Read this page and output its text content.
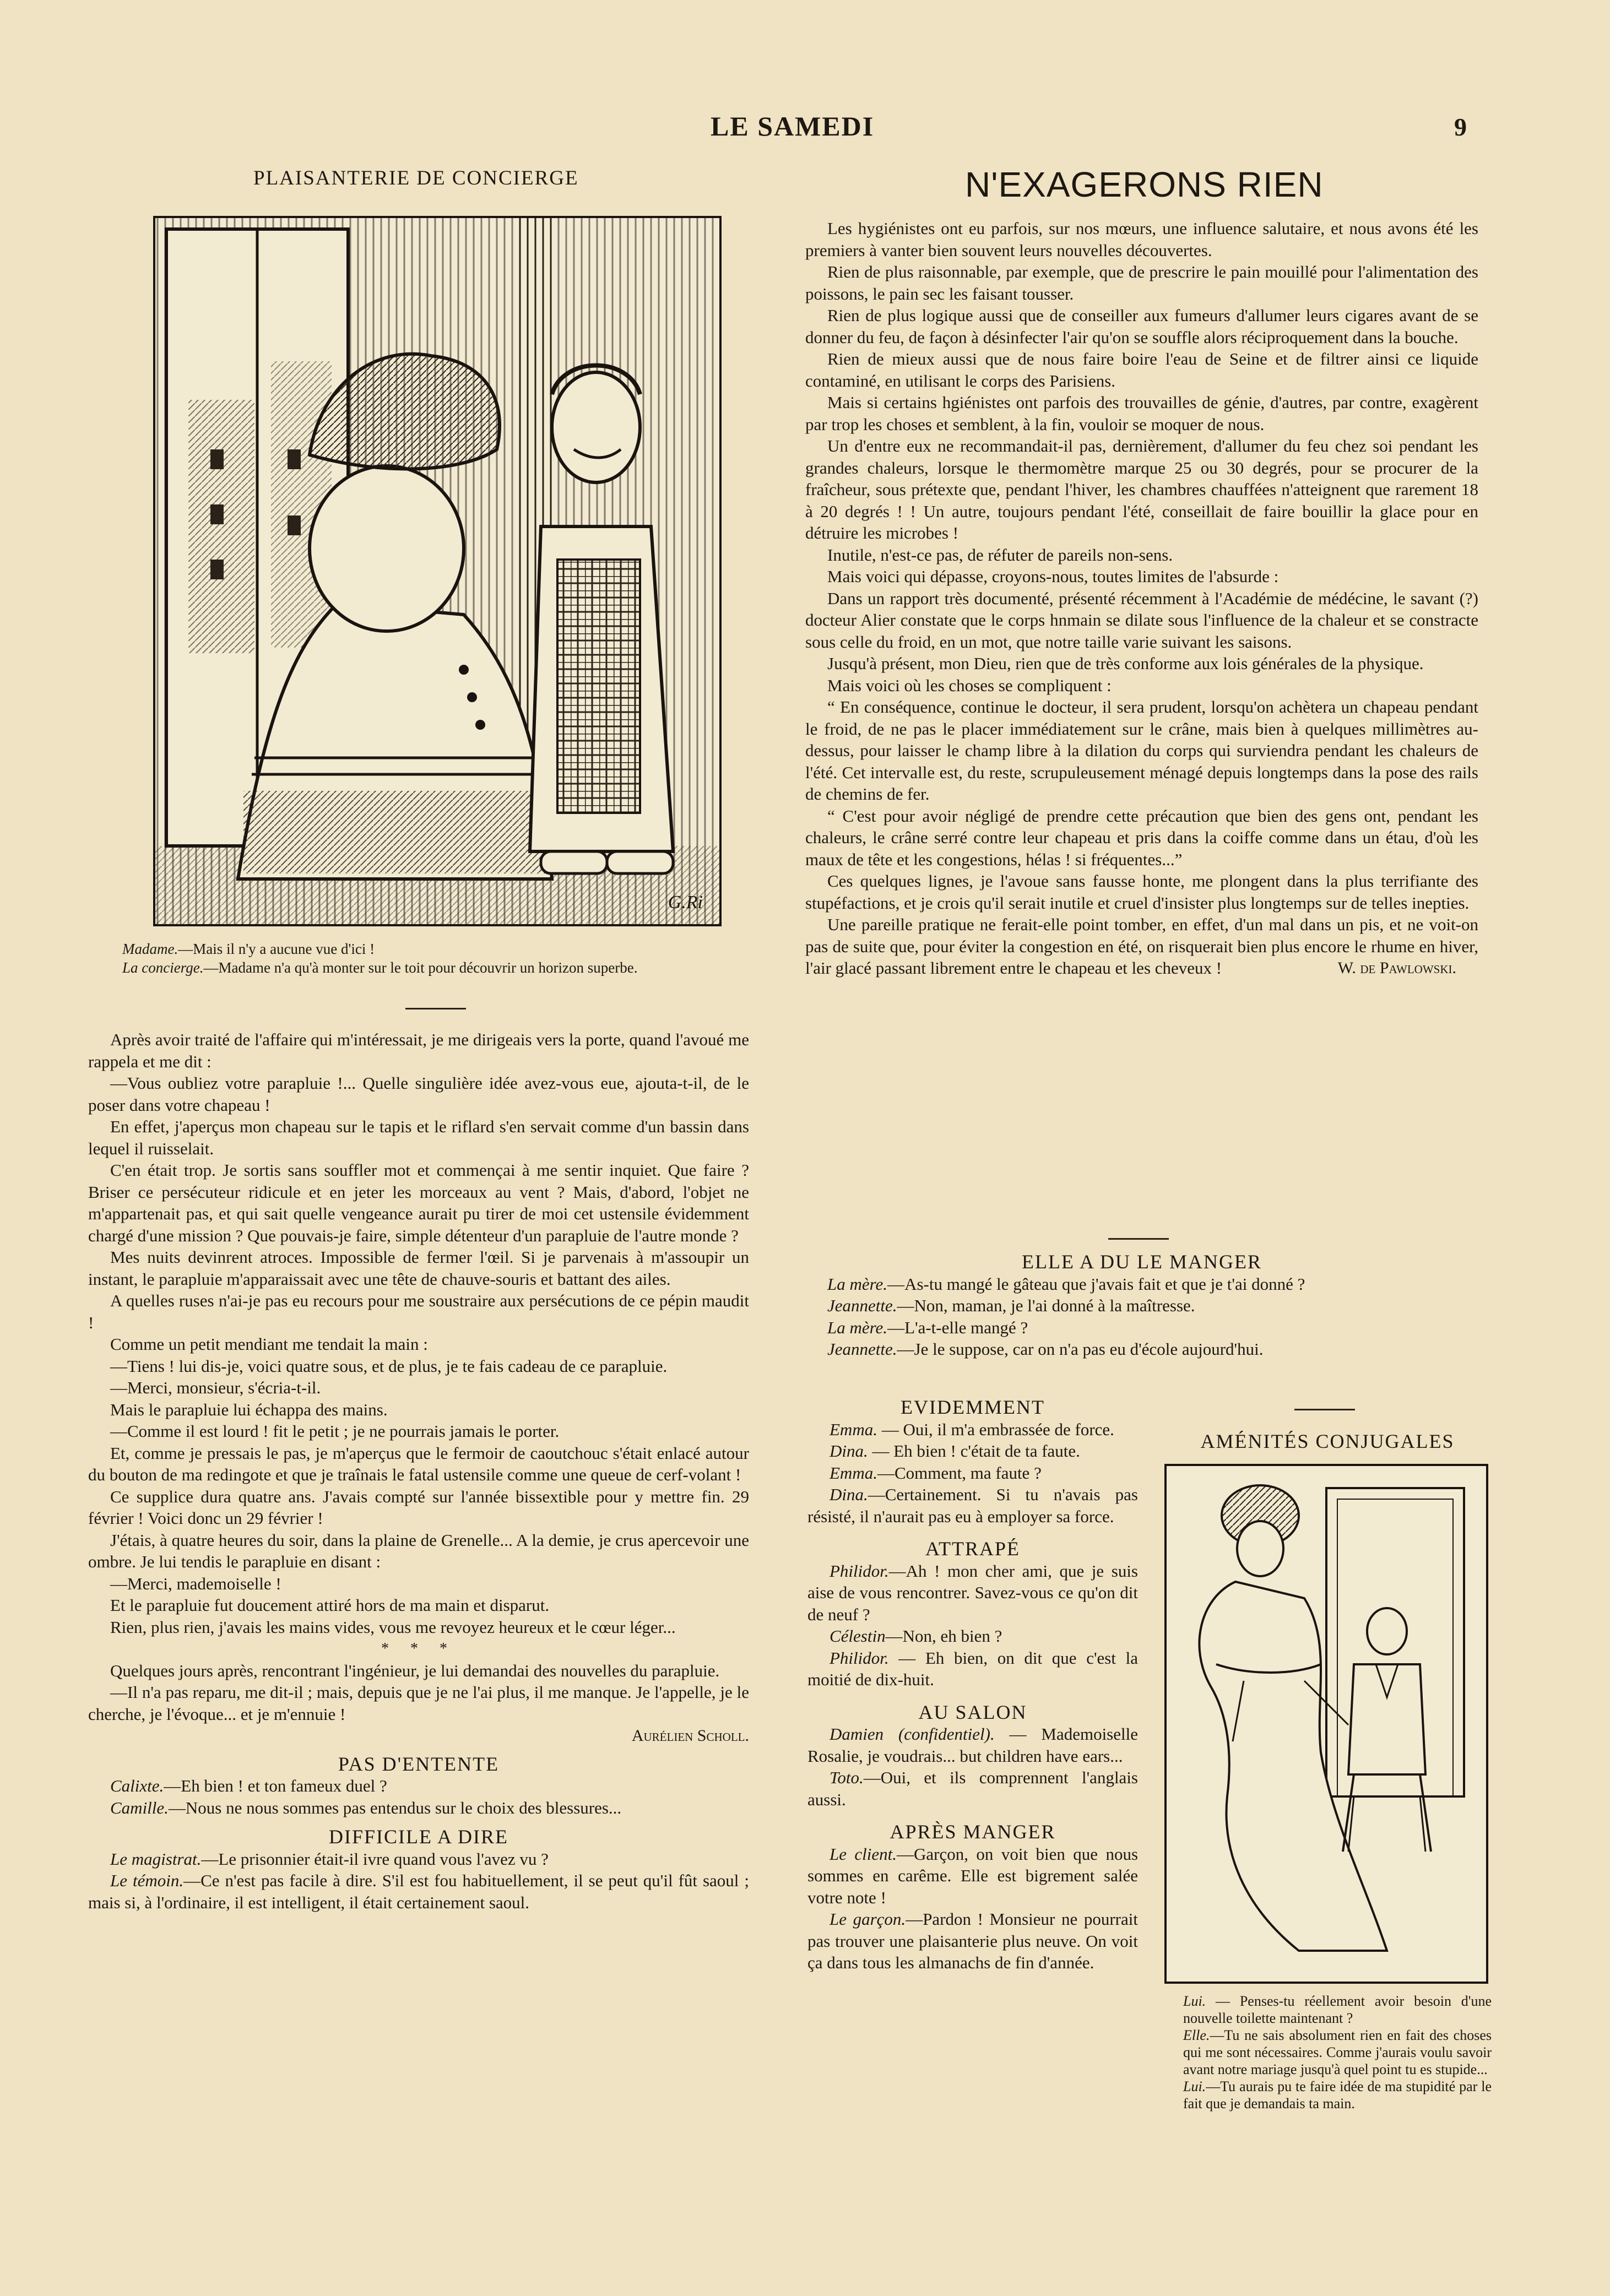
LE SAMEDI	9
PLAISANTERIE DE CONCIERGE
G.Ri

Madame.—Mais il n'y a aucune vue d'ici !

La concierge.—Madame n'a qu'à monter sur le toit pour découvrir un horizon superbe.

Après avoir traité de l'affaire qui m'intéressait, je me dirigeais vers la porte, quand l'avoué me rappela et me dit :

—Vous oubliez votre parapluie !... Quelle singulière idée avez-vous eue, ajouta-t-il, de le poser dans votre chapeau !

En effet, j'aperçus mon chapeau sur le tapis et le riflard s'en servait comme d'un bassin dans lequel il ruisselait.

C'en était trop. Je sortis sans souffler mot et commençai à me sentir inquiet. Que faire ? Briser ce persécuteur ridicule et en jeter les morceaux au vent ? Mais, d'abord, l'objet ne m'appartenait pas, et qui sait quelle vengeance aurait pu tirer de moi cet ustensile évidemment chargé d'une mission ? Que pouvais-je faire, simple détenteur d'un parapluie de l'autre monde ?

Mes nuits devinrent atroces. Impossible de fermer l'œil. Si je parvenais à m'assoupir un instant, le parapluie m'apparaissait avec une tête de chauve-souris et battant des ailes.

A quelles ruses n'ai-je pas eu recours pour me soustraire aux persécutions de ce pépin maudit !

Comme un petit mendiant me tendait la main :

—Tiens ! lui dis-je, voici quatre sous, et de plus, je te fais cadeau de ce parapluie.

—Merci, monsieur, s'écria-t-il.

Mais le parapluie lui échappa des mains.

—Comme il est lourd ! fit le petit ; je ne pourrais jamais le porter.

Et, comme je pressais le pas, je m'aperçus que le fermoir de caoutchouc s'était enlacé autour du bouton de ma redingote et que je traînais le fatal ustensile comme une queue de cerf-volant !

Ce supplice dura quatre ans. J'avais compté sur l'année bissextible pour y mettre fin. 29 février ! Voici donc un 29 février !

J'étais, à quatre heures du soir, dans la plaine de Grenelle... A la demie, je crus apercevoir une ombre. Je lui tendis le parapluie en disant :

—Merci, mademoiselle !

Et le parapluie fut doucement attiré hors de ma main et disparut.

Rien, plus rien, j'avais les mains vides, vous me revoyez heureux et le cœur léger...

* * *

Quelques jours après, rencontrant l'ingénieur, je lui demandai des nouvelles du parapluie.

—Il n'a pas reparu, me dit-il ; mais, depuis que je ne l'ai plus, il me manque. Je l'appelle, je le cherche, je l'évoque... et je m'ennuie !

Aurélien Scholl.
PAS D'ENTENTE

Calixte.—Eh bien ! et ton fameux duel ?

Camille.—Nous ne nous sommes pas entendus sur le choix des blessures...

DIFFICILE A DIRE

Le magistrat.—Le prisonnier était-il ivre quand vous l'avez vu ?

Le témoin.—Ce n'est pas facile à dire. S'il est fou habituellement, il se peut qu'il fût saoul ; mais si, à l'ordinaire, il est intelligent, il était certainement saoul.

N'EXAGERONS RIEN

Les hygiénistes ont eu parfois, sur nos mœurs, une influence salutaire, et nous avons été les premiers à vanter bien souvent leurs nouvelles découvertes.

Rien de plus raisonnable, par exemple, que de prescrire le pain mouillé pour l'alimentation des poissons, le pain sec les faisant tousser.

Rien de plus logique aussi que de conseiller aux fumeurs d'allumer leurs cigares avant de se donner du feu, de façon à désinfecter l'air qu'on se souffle alors réciproquement dans la bouche.

Rien de mieux aussi que de nous faire boire l'eau de Seine et de filtrer ainsi ce liquide contaminé, en utilisant le corps des Parisiens.

Mais si certains hgiénistes ont parfois des trouvailles de génie, d'autres, par contre, exagèrent par trop les choses et semblent, à la fin, vouloir se moquer de nous.

Un d'entre eux ne recommandait-il pas, dernièrement, d'allumer du feu chez soi pendant les grandes chaleurs, lorsque le thermomètre marque 25 ou 30 degrés, pour se procurer de la fraîcheur, sous prétexte que, pendant l'hiver, les chambres chauffées n'atteignent que rarement 18 à 20 degrés ! ! Un autre, toujours pendant l'été, conseillait de faire bouillir la glace pour en détruire les microbes !

Inutile, n'est-ce pas, de réfuter de pareils non-sens.

Mais voici qui dépasse, croyons-nous, toutes limites de l'absurde :

Dans un rapport très documenté, présenté récemment à l'Académie de médécine, le savant (?) docteur Alier constate que le corps hnmain se dilate sous l'influence de la chaleur et se constracte sous celle du froid, en un mot, que notre taille varie suivant les saisons.

Jusqu'à présent, mon Dieu, rien que de très conforme aux lois générales de la physique.

Mais voici où les choses se compliquent :

“ En conséquence, continue le docteur, il sera prudent, lorsqu'on achètera un chapeau pendant le froid, de ne pas le placer immédiatement sur le crâne, mais bien à quelques millimètres au-dessus, pour laisser le champ libre à la dilation du corps qui surviendra pendant les chaleurs de l'été. Cet intervalle est, du reste, scrupuleusement ménagé depuis longtemps dans la pose des rails de chemins de fer.

“ C'est pour avoir négligé de prendre cette précaution que bien des gens ont, pendant les chaleurs, le crâne serré contre leur chapeau et pris dans la coiffe comme dans un étau, d'où les maux de tête et les congestions, hélas ! si fréquentes...”

Ces quelques lignes, je l'avoue sans fausse honte, me plongent dans la plus terrifiante des stupéfactions, et je crois qu'il serait inutile et cruel d'insister plus longtemps sur de telles inepties.

Une pareille pratique ne ferait-elle point tomber, en effet, d'un mal dans un pis, et ne voit-on pas de suite que, pour éviter la congestion en été, on risquerait bien plus encore le rhume en hiver, l'air glacé passant librement entre le chapeau et les cheveux !	W. de Pawlowski.
ELLE A DU LE MANGER

La mère.—As-tu mangé le gâteau que j'avais fait et que je t'ai donné ?

Jeannette.—Non, maman, je l'ai donné à la maîtresse.

La mère.—L'a-t-elle mangé ?

Jeannette.—Je le suppose, car on n'a pas eu d'école aujourd'hui.

EVIDEMMENT

Emma. — Oui, il m'a embrassée de force.

Dina. — Eh bien ! c'était de ta faute.

Emma.—Comment, ma faute ?

Dina.—Certainement. Si tu n'avais pas résisté, il n'aurait pas eu à employer sa force.

ATTRAPÉ

Philidor.—Ah ! mon cher ami, que je suis aise de vous rencontrer. Savez-vous ce qu'on dit de neuf ?

Célestin—Non, eh bien ?

Philidor. — Eh bien, on dit que c'est la moitié de dix-huit.

AU SALON

Damien (confidentiel). — Mademoiselle Rosalie, je voudrais... but children have ears...

Toto.—Oui, et ils comprennent l'anglais aussi.

APRÈS MANGER

Le client.—Garçon, on voit bien que nous sommes en carême. Elle est bigrement salée votre note !

Le garçon.—Pardon ! Monsieur ne pourrait pas trouver une plaisanterie plus neuve. On voit ça dans tous les almanachs de fin d'année.

AMÉNITÉS CONJUGALES

Lui. — Penses-tu réellement avoir besoin d'une nouvelle toilette maintenant ?

Elle.—Tu ne sais absolument rien en fait des choses qui me sont nécessaires. Comme j'aurais voulu savoir avant notre mariage jusqu'à quel point tu es stupide...

Lui.—Tu aurais pu te faire idée de ma stupidité par le fait que je demandais ta main.
